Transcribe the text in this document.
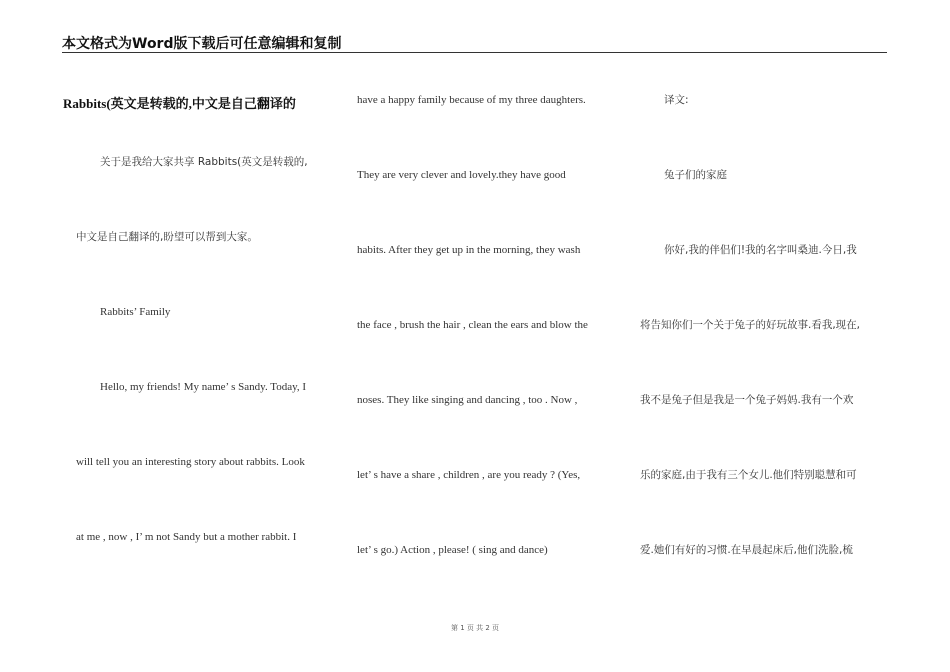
本文格式为Word版下载后可任意编辑和复制
Rabbits(英文是转载的,中文是自己翻译的
关于是我给大家共享 Rabbits(英文是转载的,
中文是自己翻译的,盼望可以帮到大家。
Rabbits’ Family
Hello, my friends! My name’ s Sandy. Today, I
will tell you an interesting story about rabbits. Look
at me , now , I’ m not Sandy but a mother rabbit. I
have a happy family because of my three daughters.
They are very clever and lovely.they have good
habits. After they get up in the morning, they wash
the face , brush the hair , clean the ears and blow the
noses. They like singing and dancing , too . Now ,
let’ s have a share , children , are you ready ? (Yes,
let’ s go.) Action , please! ( sing and dance)
译文:
兔子们的家庭
你好,我的伴侣们!我的名字叫桑迪.今日,我
将告知你们一个关于兔子的好玩故事.看我,现在,
我不是兔子但是我是一个兔子妈妈.我有一个欢
乐的家庭,由于我有三个女儿.他们特别聪慧和可
爱.她们有好的习惯.在早晨起床后,他们洗脸,梳
第 1 页 共 2 页
